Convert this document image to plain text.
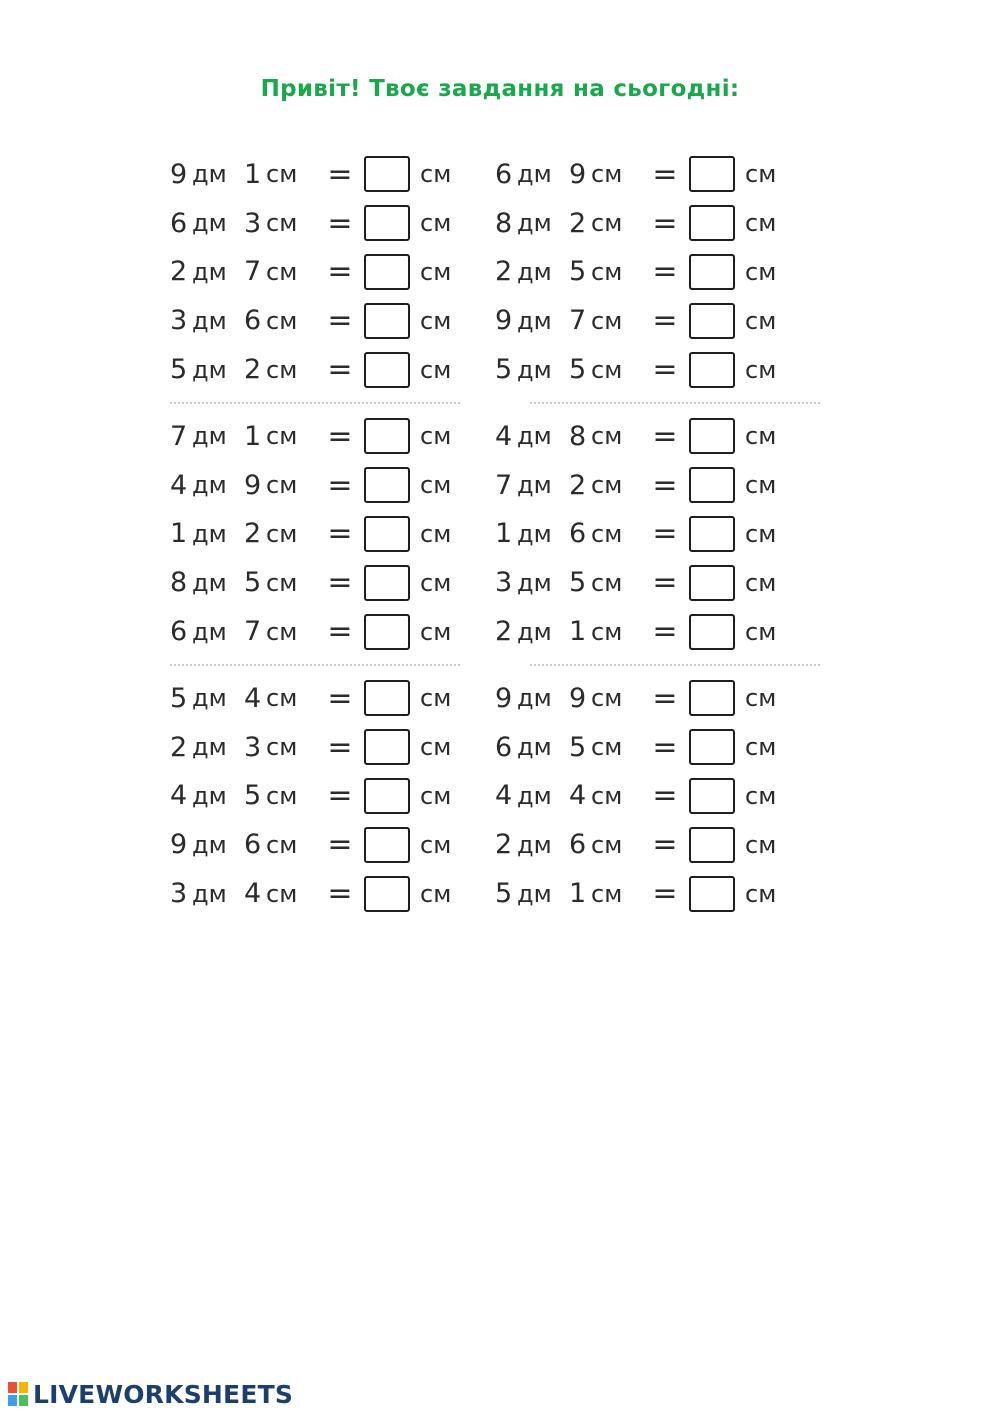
Привіт! Твоє завдання на сьогодні:
9 дм 1 см	=	см 6 дм 9 см	=	см
6 дм 3 см	=	см 8 дм 2 см	=	см
2 дм 7 см	=	см 2 дм 5 см	=	см
3 дм 6 см	=	см 9 дм 7 см	=	см
5 дм 2 см	=	см 5 дм 5 см	=	см
7 дм 1 см	=	см 4 дм 8 см	=	см
4 дм 9 см	=	см 7 дм 2 см	=	см
1 дм 2 см	=	см 1 дм 6 см	=	см
8 дм 5 см	=	см 3 дм 5 см	=	см
6 дм 7 см	=	см 2 дм 1 см	=	см
5 дм 4 см	=	см 9 дм 9 см	=	см
2 дм 3 см	=	см 6 дм 5 см	=	см
4 дм 5 см	=	см 4 дм 4 см	=	см
9 дм 6 см	=	см 2 дм 6 см	=	см
3 дм 4 см	=	см 5 дм 1 см	=	см
LIVEWORKSHEETS
